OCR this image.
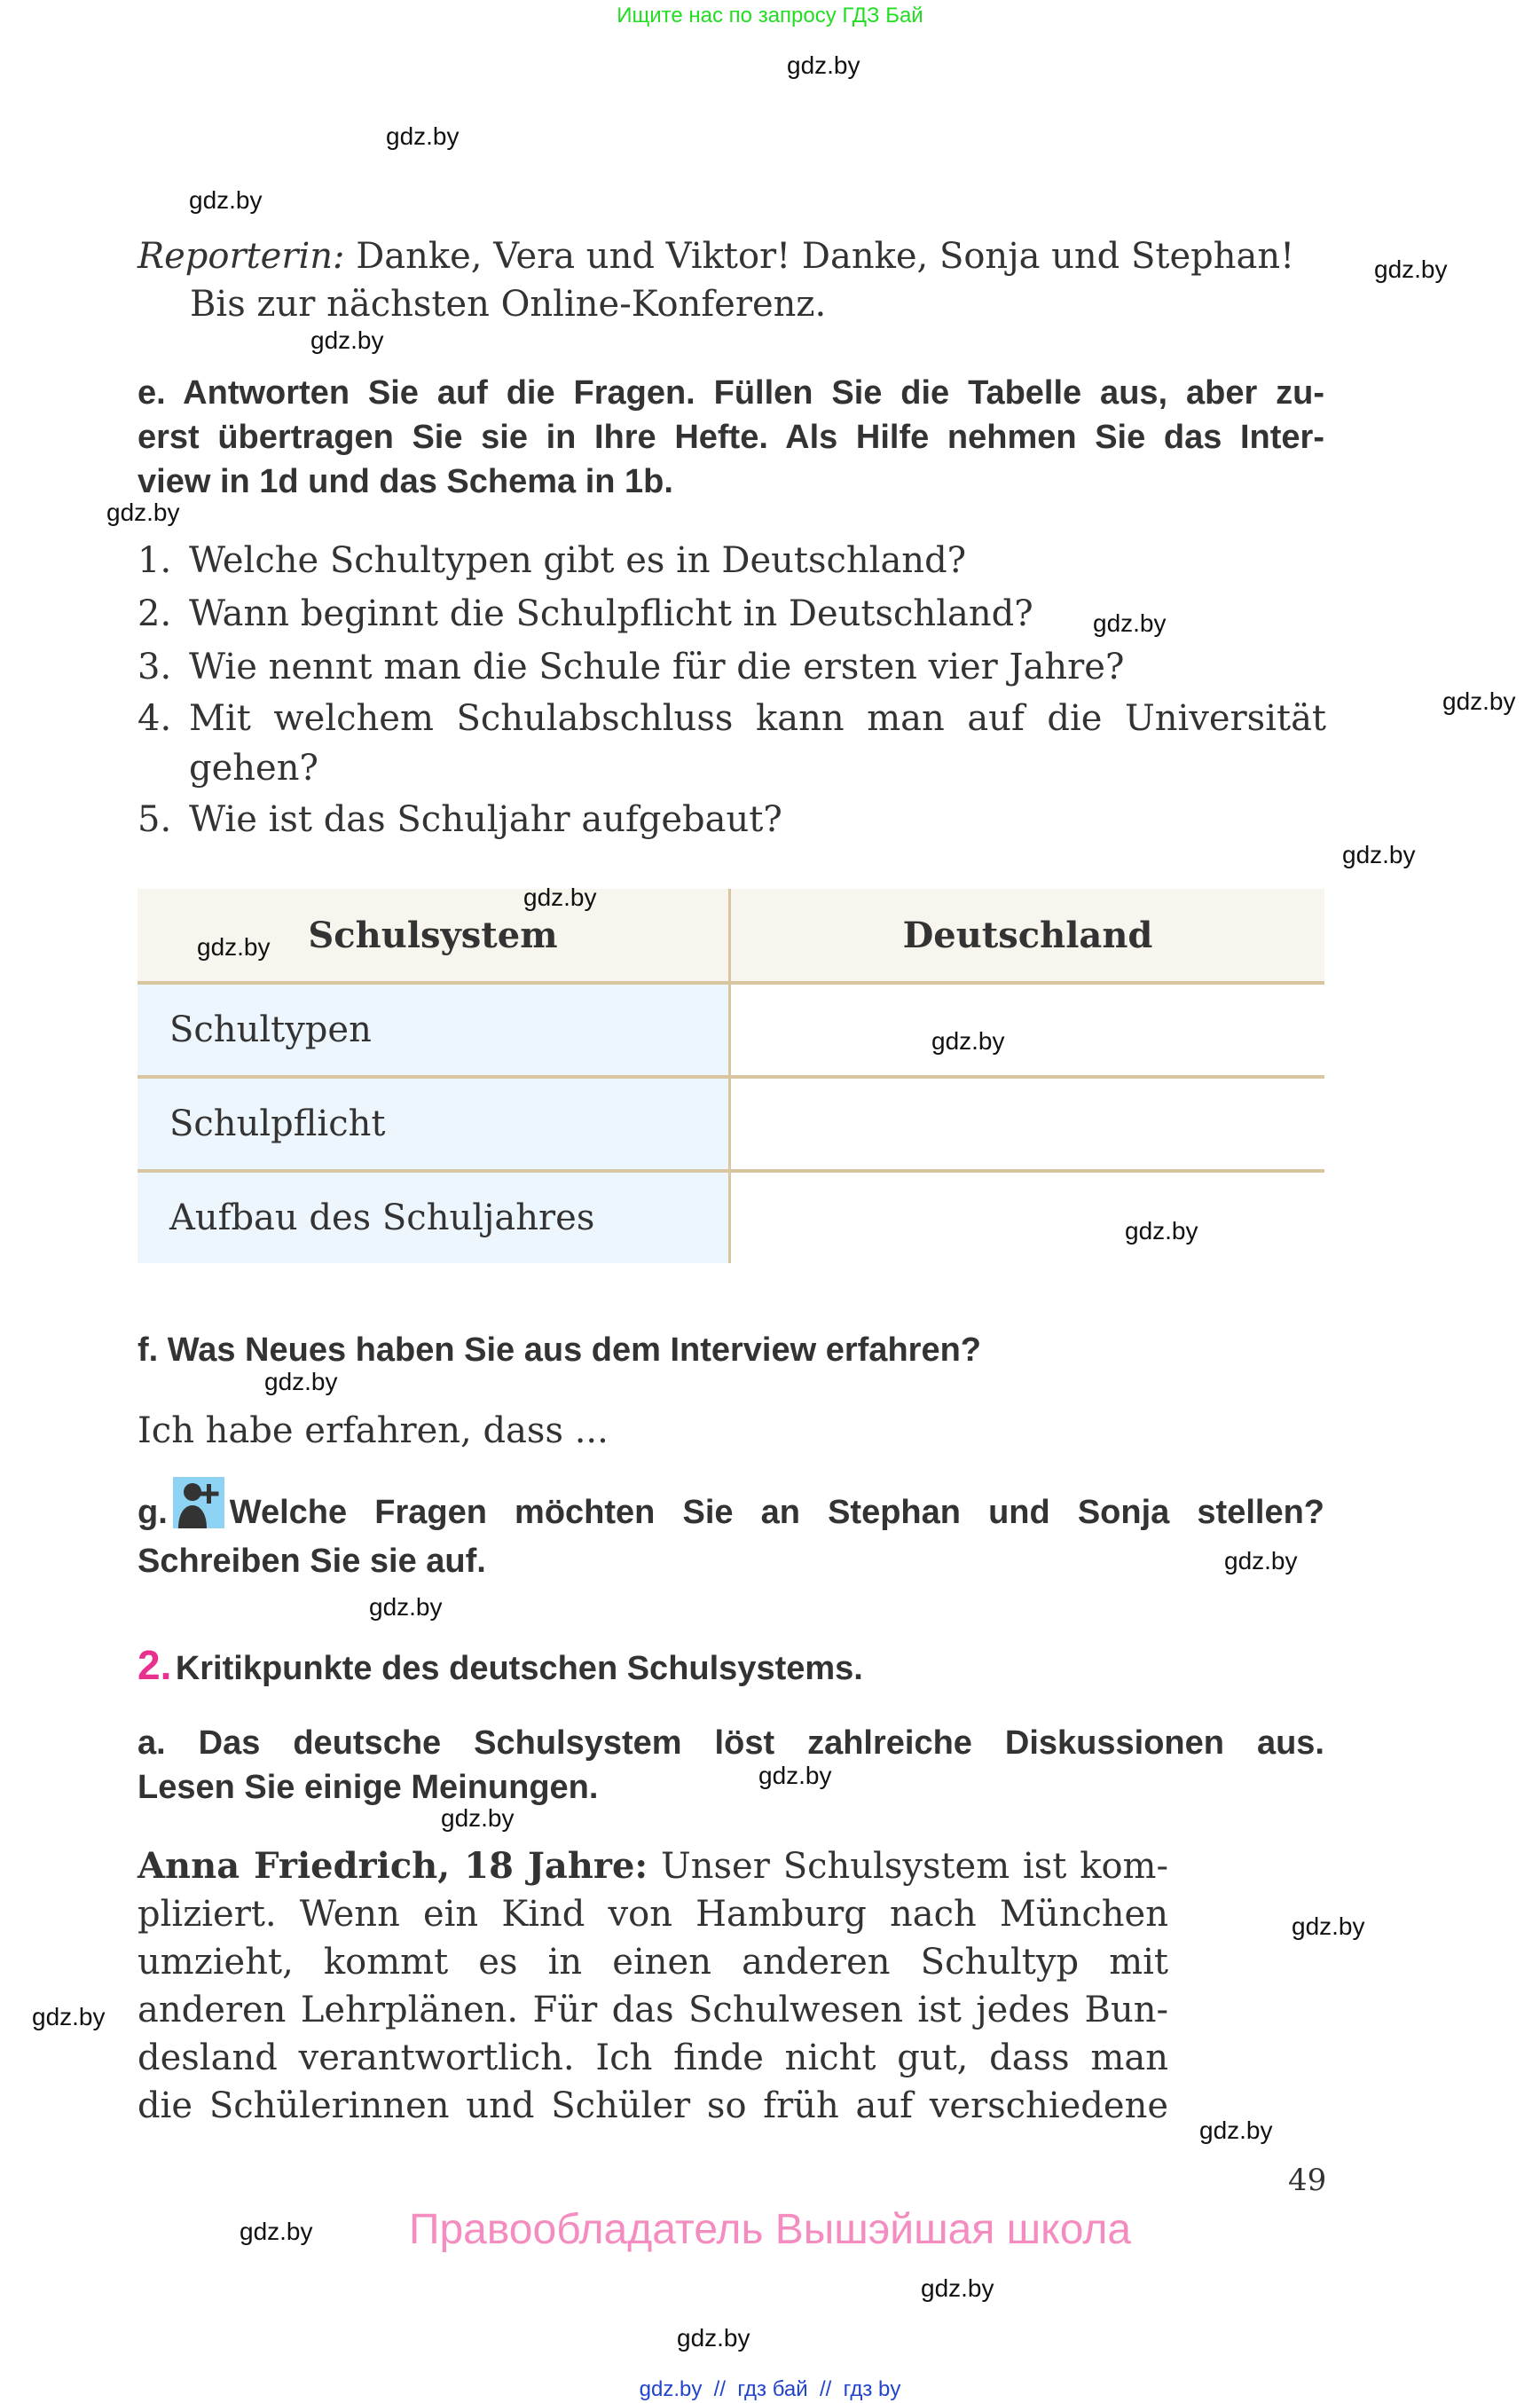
Ищите нас по запросу ГДЗ Бай
gdz.by
gdz.by
gdz.by
gdz.by
gdz.by
gdz.by
gdz.by
gdz.by
gdz.by
Reporterin: Danke, Vera und Viktor! Danke, Sonja und Stephan!
Bis zur nächsten Online-Konferenz.
e. Antworten Sie auf die Fragen. Füllen Sie die Tabelle aus, aber zu-
erst übertragen Sie sie in Ihre Hefte. Als Hilfe nehmen Sie das Inter-
view in 1d und das Schema in 1b.
1. Welche Schultypen gibt es in Deutschland?
2. Wann beginnt die Schulpflicht in Deutschland?
3. Wie nennt man die Schule für die ersten vier Jahre?
4. Mit welchem Schulabschluss kann man auf die Universität
gehen?
5. Wie ist das Schuljahr aufgebaut?
Schulsystem	Deutschland
Schultypen	
Schulpflicht	
Aufbau des Schuljahres	
gdz.by
gdz.by
gdz.by
gdz.by
f. Was Neues haben Sie aus dem Interview erfahren?
gdz.by
Ich habe erfahren, dass ...
g. Welche Fragen möchten Sie an Stephan und Sonja stellen?
Schreiben Sie sie auf.	gdz.by
gdz.by
2. Kritikpunkte des deutschen Schulsystems.
a. Das deutsche Schulsystem löst zahlreiche Diskussionen aus.
Lesen Sie einige Meinungen.	gdz.by
gdz.by
Anna Friedrich, 18 Jahre: Unser Schulsystem ist kom-
pliziert. Wenn ein Kind von Hamburg nach München
umzieht, kommt es in einen anderen Schultyp mit
anderen Lehrplänen. Für das Schulwesen ist jedes Bun-
desland verantwortlich. Ich finde nicht gut, dass man
die Schülerinnen und Schüler so früh auf verschiedene
gdz.by
gdz.by
gdz.by
49
gdz.by	Правообладатель Вышэйшая школа
gdz.by
gdz.by
gdz.by  //  гдз бай  //  гдз by
